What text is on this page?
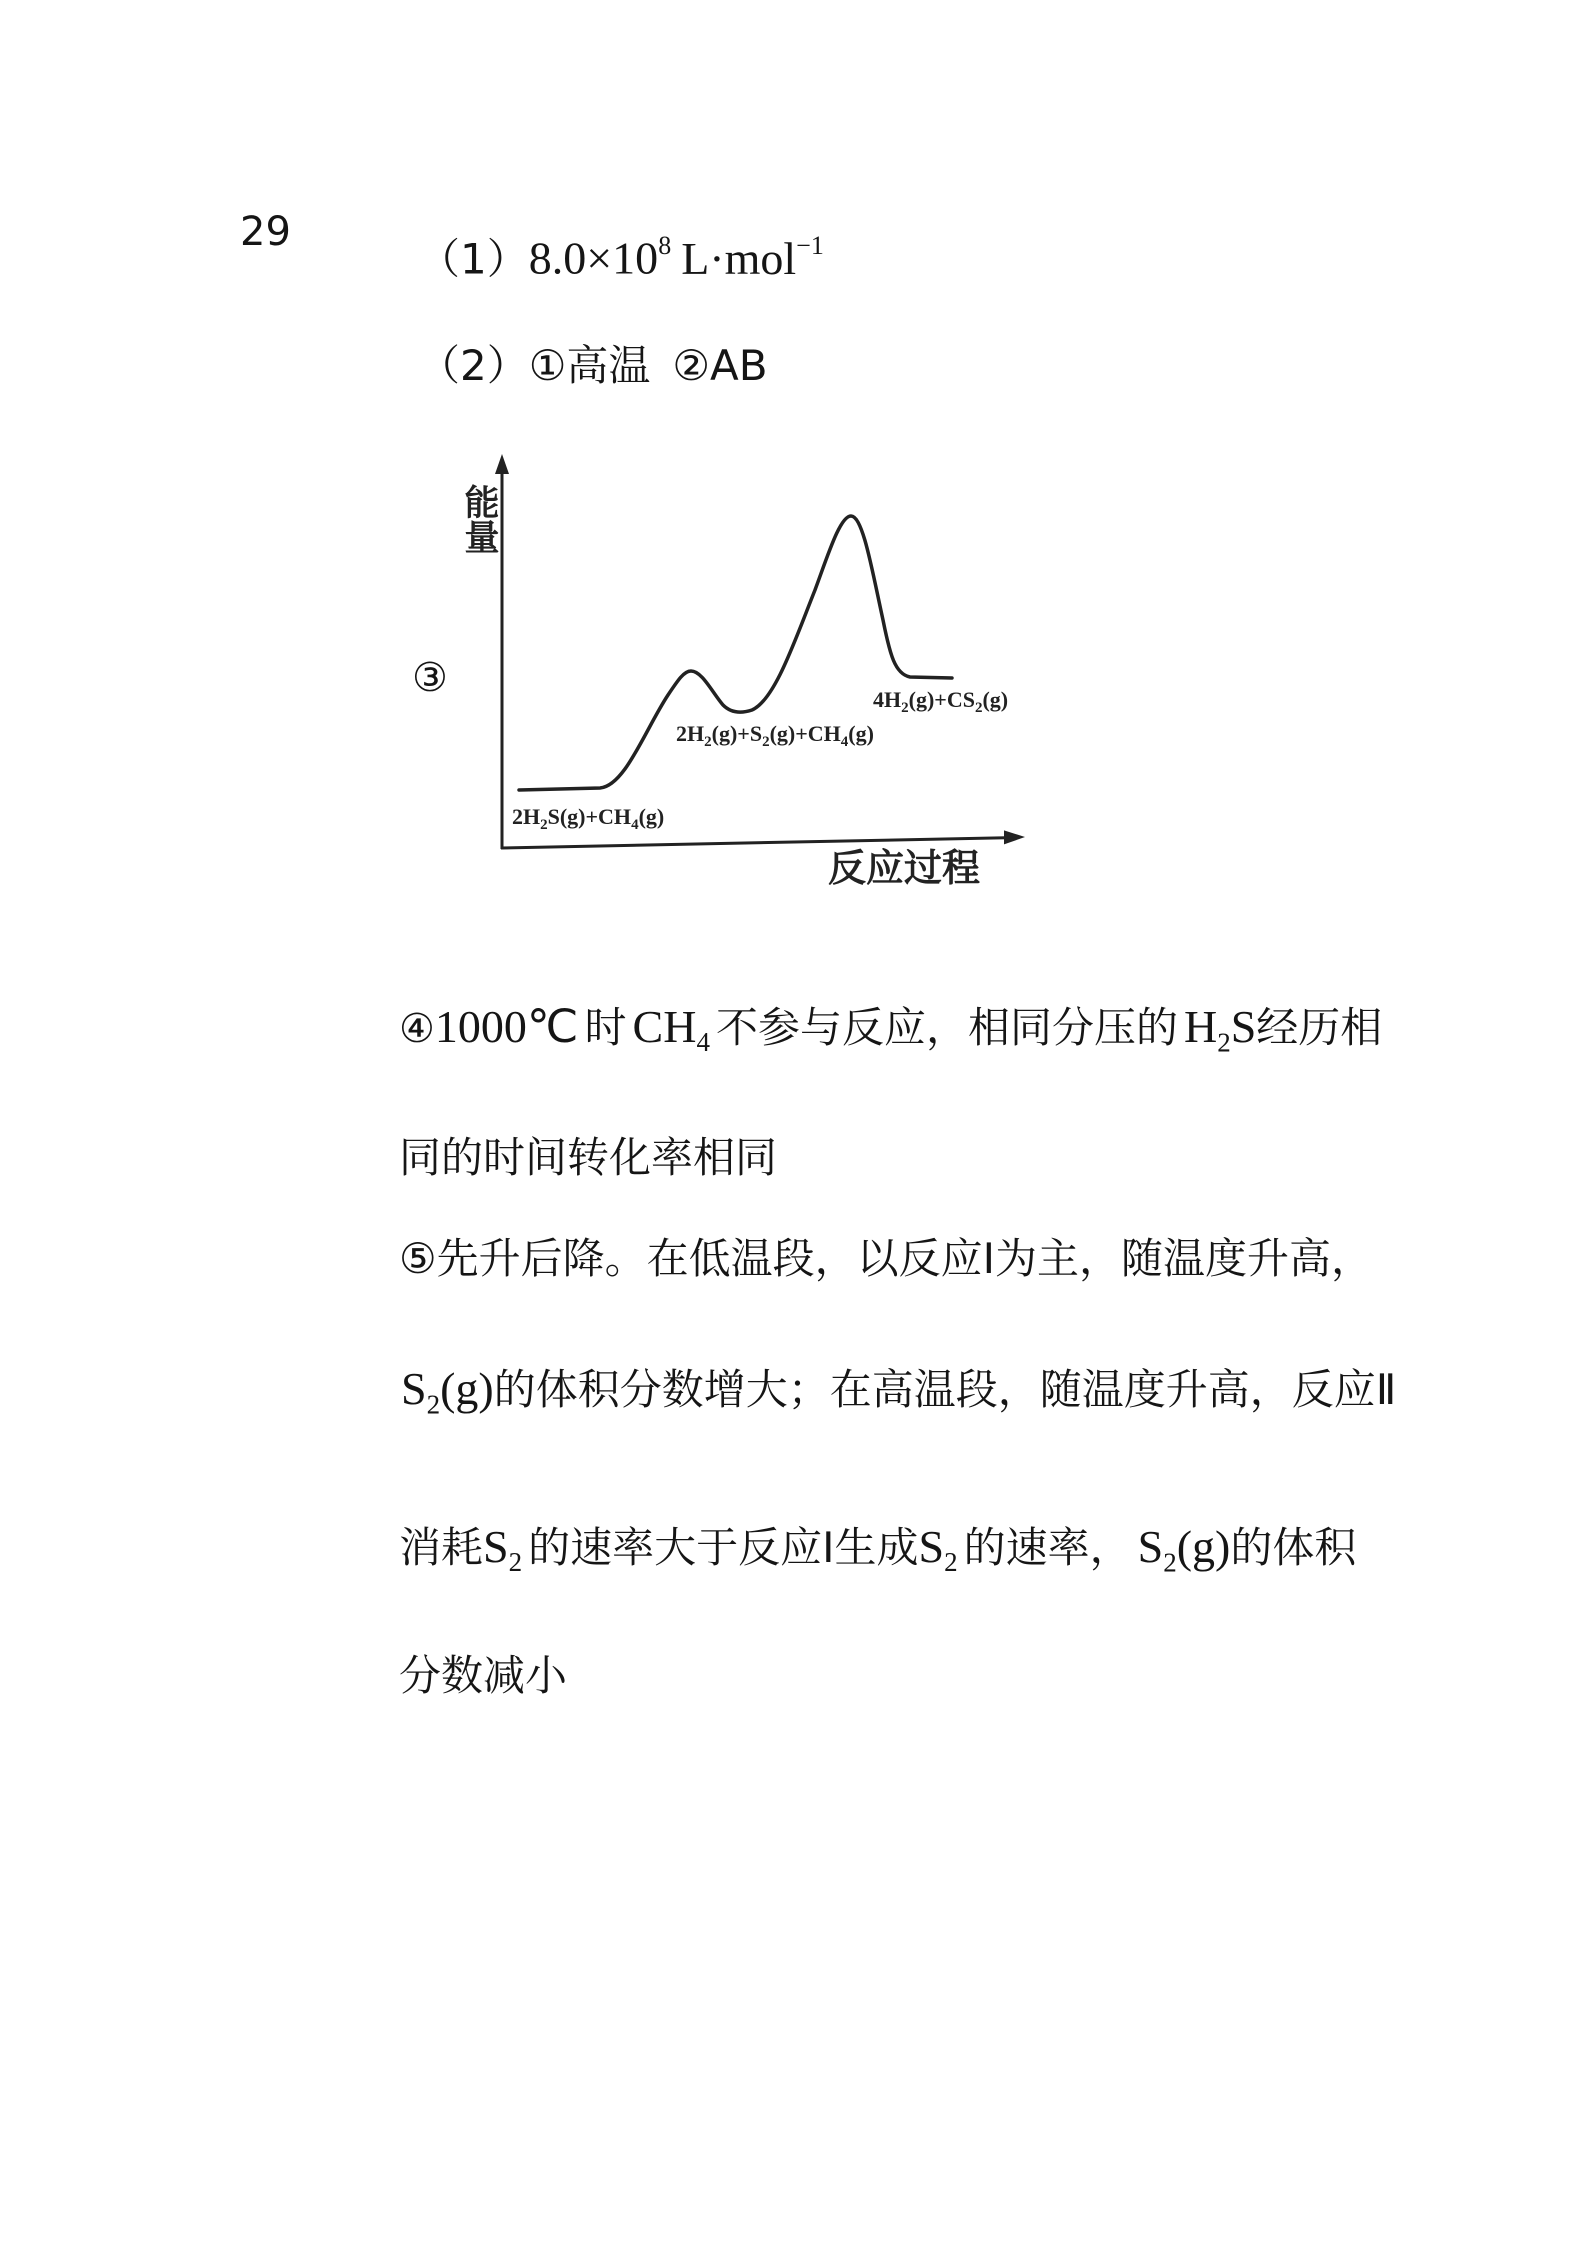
29
$(1)8.0\times 10^8$ L·mol$^{-1}$
（2）①高温 ②AB
③
能量
$2H_2S(g)+CH_4(g)$
$2H_2(g)+S_2(g)+CH_4(g)$
$4H_2(g)+CS_2(g)$
反应过程
④1000℃ 时 $CH_4$ 不参与反应，相同分压的 $H_2S$经历相
同的时间转化率相同
⑤先升后降。在低温段，以反应Ⅰ为主，随温度升高，
$S_2(g)$的体积分数增大；在高温段，随温度升高，反应Ⅱ
消耗$S_2$ 的速率大于反应Ⅰ生成$S_2$ 的速率， $S_2(g)$的体积
分数减小
